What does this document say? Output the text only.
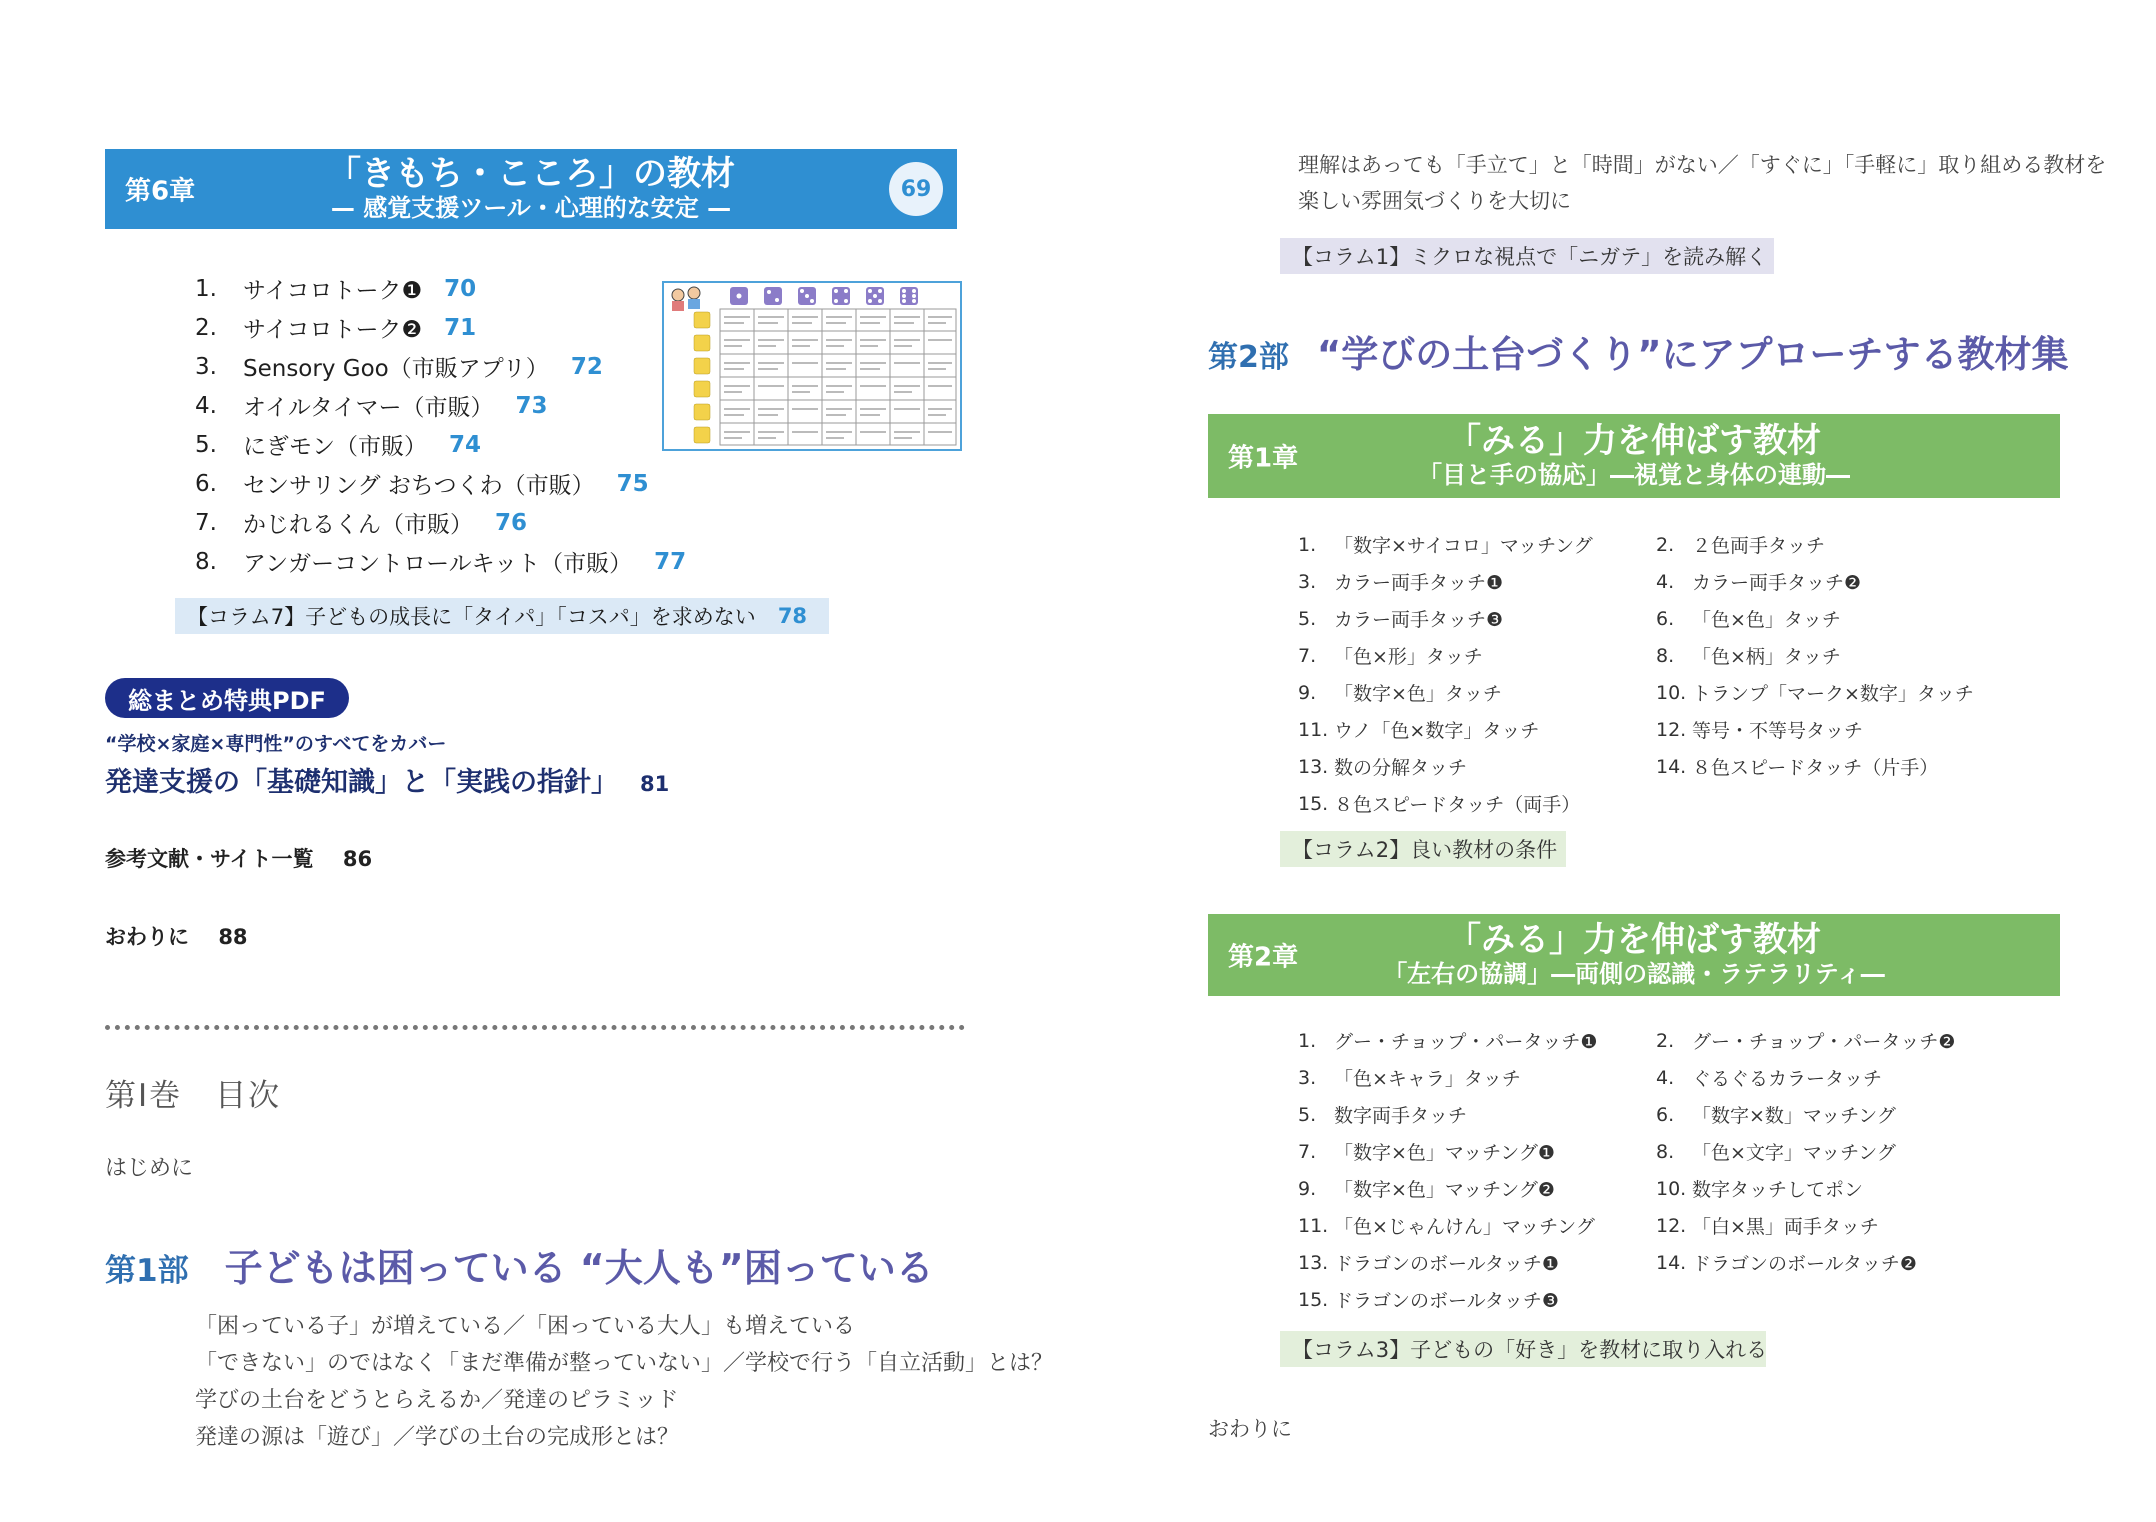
第6章	「きもち・こころ」の教材
— 感覚支援ツール・心理的な安定 —
69
1.	サイコロトーク❶ 70
2.	サイコロトーク❷ 71
3.	Sensory Goo（市販アプリ） 72
4.	オイルタイマー（市販） 73
5.	にぎモン（市販） 74
6.	センサリング おちつくわ（市販） 75
7.	かじれるくん（市販） 76
8.	アンガーコントロールキット（市販） 77
【コラム7】子どもの成長に「タイパ」「コスパ」を求めない 78
総まとめ特典PDF
“学校×家庭×専門性”のすべてをカバー
発達支援の「基礎知識」と「実践の指針」 81
参考文献・サイト一覧 86
おわりに 88
第Ⅰ巻　目次
はじめに
第1部 子どもは困っている “大人も”困っている
「困っている子」が増えている／「困っている大人」も増えている
「できない」のではなく「まだ準備が整っていない」／学校で行う「自立活動」とは？
学びの土台をどうとらえるか／発達のピラミッド
発達の源は「遊び」／学びの土台の完成形とは？
理解はあっても「手立て」と「時間」がない／「すぐに」「手軽に」取り組める教材を
楽しい雰囲気づくりを大切に
【コラム1】ミクロな視点で「ニガテ」を読み解く
第2部 “学びの土台づくり”にアプローチする教材集
第1章	「みる」力を伸ばす教材
「目と手の協応」―視覚と身体の連動―
1. 「数字×サイコロ」マッチング	2. ２色両手タッチ
3. カラー両手タッチ❶	4. カラー両手タッチ❷
5. カラー両手タッチ❸	6. 「色×色」タッチ
7. 「色×形」タッチ	8. 「色×柄」タッチ
9. 「数字×色」タッチ	10. トランプ「マーク×数字」タッチ
11. ウノ「色×数字」タッチ	12. 等号・不等号タッチ
13. 数の分解タッチ	14. ８色スピードタッチ（片手）
15. ８色スピードタッチ（両手）
【コラム2】良い教材の条件
第2章	「みる」力を伸ばす教材
「左右の協調」―両側の認識・ラテラリティ―
1. グー・チョップ・パータッチ❶	2. グー・チョップ・パータッチ❷
3. 「色×キャラ」タッチ	4. ぐるぐるカラータッチ
5. 数字両手タッチ	6. 「数字×数」マッチング
7. 「数字×色」マッチング❶	8. 「色×文字」マッチング
9. 「数字×色」マッチング❷	10. 数字タッチしてポン
11. 「色×じゃんけん」マッチング	12. 「白×黒」両手タッチ
13. ドラゴンのボールタッチ❶	14. ドラゴンのボールタッチ❷
15. ドラゴンのボールタッチ❸
【コラム3】子どもの「好き」を教材に取り入れる
おわりに
